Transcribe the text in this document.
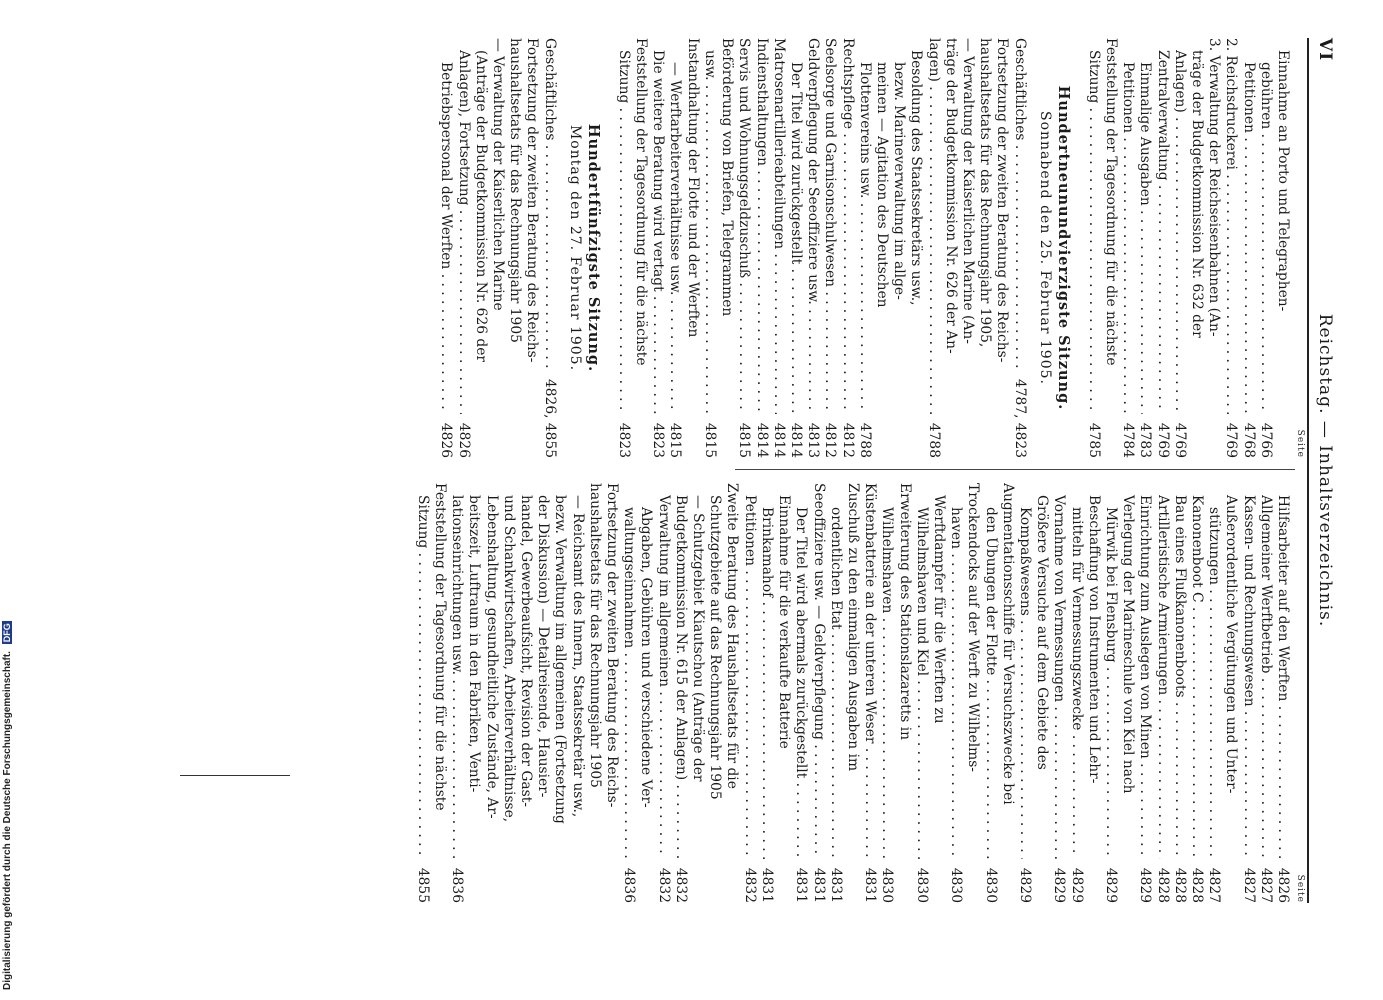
VI
Reichstag. — Inhaltsverzeichnis.
Seite
Einnahme an Porto und Telegraphen-
gebühren . . .
4766
Petitionen . . .
4768
2. Reichsdruckerei . . .
4769
3. Verwaltung der Reichseisenbahnen (An-
träge der Budgetkommission Nr. 632 der
Anlagen) . . .
4769
Zentralverwaltung . . .
4769
Einmalige Ausgaben . . .
4783
Petitionen . . .
4784
Feststellung der Tagesordnung für die nächste
Sitzung . . .
4785
Hundertneunundvierzigste Sitzung.
Sonnabend den 25. Februar 1905.
Geschäftliches . . .
4787, 4823
Fortsetzung der zweiten Beratung des Reichs-
haushaltsetats für das Rechnungsjahr 1905,
— Verwaltung der Kaiserlichen Marine (An-
träge der Budgetkommission Nr. 626 der An-
lagen) . . .
4788
Besoldung des Staatssekretärs usw.,
bezw. Marineverwaltung im allge-
meinen — Agitation des Deutschen
Flottenvereins usw. . . .
4788
Rechtspflege . . .
4812
Seelsorge und Garnisonschulwesen . . .
4812
Geldverpflegung der Seeoffiziere usw. . . .
4813
Der Titel wird zurückgestellt . . .
4814
Matrosenartillerieabteilungen . . .
4814
Indiensthaltungen . . .
4814
Servis und Wohnungsgeldzuschuß . . .
4815
Beförderung von Briefen, Telegrammen
usw. . . .
4815
Instandhaltung der Flotte und der Werften
— Werftarbeiterverhältnisse usw. . . .
4815
Die weitere Beratung wird vertagt . . .
4823
Feststellung der Tagesordnung für die nächste
Sitzung . . .
4823
Hundertfünfzigste Sitzung.
Montag den 27. Februar 1905.
Geschäftliches . . .
4826, 4855
Fortsetzung der zweiten Beratung des Reichs-
haushaltsetats für das Rechnungsjahr 1905
— Verwaltung der Kaiserlichen Marine
(Anträge der Budgetkommission Nr. 626 der
Anlagen), Fortsetzung . . .
4826
Betriebspersonal der Werften . . .
4826
Seite
Hilfsarbeiter auf den Werften . . .
4826
Allgemeiner Werftbetrieb . . .
4827
Kassen- und Rechnungswesen . . .
4827
Außerordentliche Vergütungen und Unter-
stützungen . . .
4827
Kanonenboot C . . .
4828
Bau eines Flußkanonenboots . . .
4828
Artilleristische Armierungen . . .
4828
Einrichtung zum Auslegen von Minen . . .
4829
Verlegung der Marineschule von Kiel nach
Mürwik bei Flensburg . . .
4829
Beschaffung von Instrumenten und Lehr-
mitteln für Vermessungszwecke . . .
4829
Vornahme von Vermessungen . . .
4829
Größere Versuche auf dem Gebiete des
Kompaßwesens . . .
4829
Augmentationsschiffe für Versuchszwecke bei
den Übungen der Flotte . . .
4830
Trockendocks auf der Werft zu Wilhelms-
haven . . .
4830
Werftdampfer für die Werften zu
Wilhelmshaven und Kiel . . .
4830
Erweiterung des Stationslazaretts in
Wilhelmshaven . . .
4830
Küstenbatterie an der unteren Weser . . .
4831
Zuschuß zu den einmaligen Ausgaben im
ordentlichen Etat . . .
4831
Seeoffiziere usw. — Geldverpflegung . . .
4831
Der Titel wird abermals zurückgestellt . . .
4831
Einnahme für die verkaufte Batterie
Brinkamahof . . .
4831
Petitionen . . .
4832
Zweite Beratung des Haushaltsetats für die
Schutzgebiete auf das Rechnungsjahr 1905
— Schutzgebiet Kiautschou (Anträge der
Budgetkommission Nr. 615 der Anlagen) . . .
4832
Verwaltung im allgemeinen . . .
4832
Abgaben, Gebühren und verschiedene Ver-
waltungseinnahmen . . .
4836
Fortsetzung der zweiten Beratung des Reichs-
haushaltsetats für das Rechnungsjahr 1905
— Reichsamt des Innern, Staatssekretär usw.,
bezw. Verwaltung im allgemeinen (Fortsetzung
der Diskussion) — Detailreisende, Hausier-
handel, Gewerbeaufsicht, Revision der Gast-
und Schankwirtschaften, Arbeiterverhältnisse,
Lebenshaltung, gesundheitliche Zustände, Ar-
beitszeit, Luftraum in den Fabriken, Venti-
lationseinrichtungen usw. . . .
4836
Feststellung der Tagesordnung für die nächste
Sitzung . . .
4855
Digitalisierung gefördert durch die Deutsche Forschungsgemeinschaft. DFG
